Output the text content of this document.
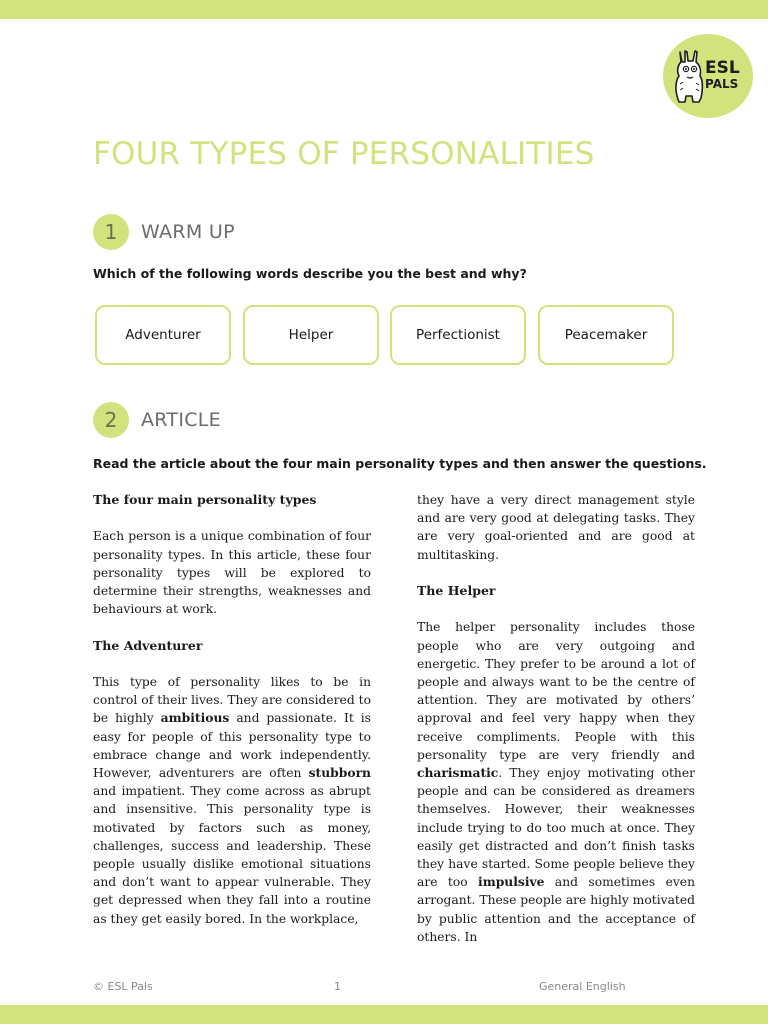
ESL
PALS
FOUR TYPES OF PERSONALITIES
1	WARM UP
Which of the following words describe you the best and why?
Adventurer	Helper	Perfectionist	Peacemaker
2	ARTICLE
Read the article about the four main personality types and then answer the questions.
The four main personality types

Each person is a unique combination of four personality types. In this article, these four personality types will be explored to determine their strengths, weaknesses and behaviours at work.

The Adventurer

This type of personality likes to be in control of their lives. They are considered to be highly ambitious and passionate. It is easy for people of this personality type to embrace change and work independently. However, adventurers are often stubborn and impatient. They come across as abrupt and insensitive. This personality type is motivated by factors such as money, challenges, success and leadership. These people usually dislike emotional situations and don’t want to appear vulnerable. They get depressed when they fall into a routine as they get easily bored. In the workplace,

they have a very direct management style and are very good at delegating tasks. They are very goal-oriented and are good at multitasking.

The Helper

The helper personality includes those people who are very outgoing and energetic. They prefer to be around a lot of people and always want to be the centre of attention. They are motivated by others’ approval and feel very happy when they receive compliments. People with this personality type are very friendly and charismatic. They enjoy motivating other people and can be considered as dreamers themselves. However, their weaknesses include trying to do too much at once. They easily get distracted and don’t finish tasks they have started. Some people believe they are too impulsive and sometimes even arrogant. These people are highly motivated by public attention and the acceptance of others. In

© ESL Pals	1	General English
